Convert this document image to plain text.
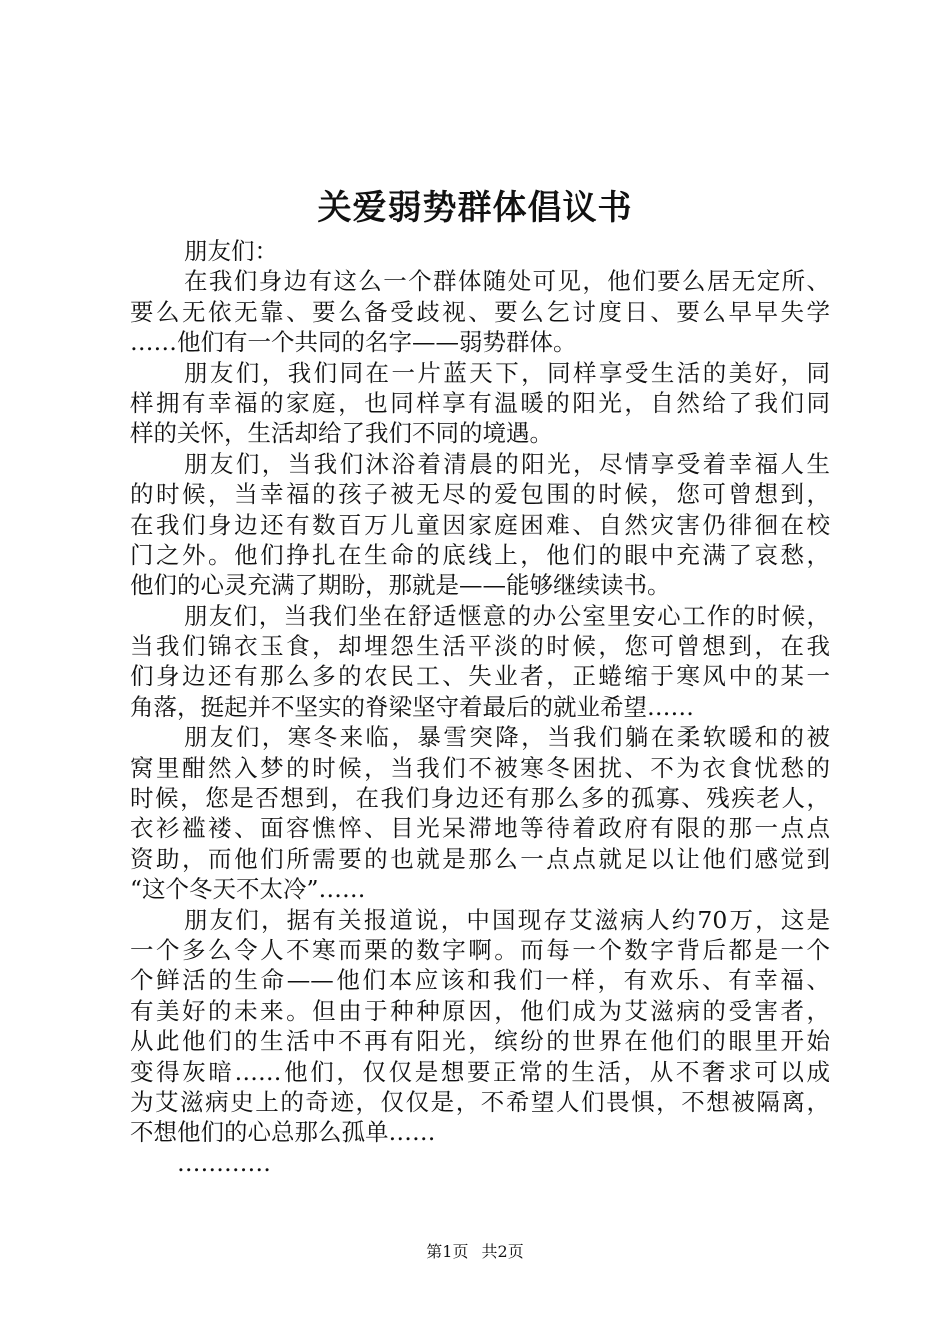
关爱弱势群体倡议书
朋友们：
在我们身边有这么一个群体随处可见，他们要么居无定所、
要么无依无靠、要么备受歧视、要么乞讨度日、要么早早失学
……他们有一个共同的名字——弱势群体。
朋友们，我们同在一片蓝天下，同样享受生活的美好，同
样拥有幸福的家庭，也同样享有温暖的阳光，自然给了我们同
样的关怀，生活却给了我们不同的境遇。
朋友们，当我们沐浴着清晨的阳光，尽情享受着幸福人生
的时候，当幸福的孩子被无尽的爱包围的时候，您可曾想到，
在我们身边还有数百万儿童因家庭困难、自然灾害仍徘徊在校
门之外。他们挣扎在生命的底线上，他们的眼中充满了哀愁，
他们的心灵充满了期盼，那就是——能够继续读书。
朋友们，当我们坐在舒适惬意的办公室里安心工作的时候，
当我们锦衣玉食，却埋怨生活平淡的时候，您可曾想到，在我
们身边还有那么多的农民工、失业者，正蜷缩于寒风中的某一
角落，挺起并不坚实的脊梁坚守着最后的就业希望……
朋友们，寒冬来临，暴雪突降，当我们躺在柔软暖和的被
窝里酣然入梦的时候，当我们不被寒冬困扰、不为衣食忧愁的
时候，您是否想到，在我们身边还有那么多的孤寡、残疾老人，
衣衫褴褛、面容憔悴、目光呆滞地等待着政府有限的那一点点
资助，而他们所需要的也就是那么一点点就足以让他们感觉到
“这个冬天不太冷”……
朋友们，据有关报道说，中国现存艾滋病人约70万，这是
一个多么令人不寒而栗的数字啊。而每一个数字背后都是一个
个鲜活的生命——他们本应该和我们一样，有欢乐、有幸福、
有美好的未来。但由于种种原因，他们成为艾滋病的受害者，
从此他们的生活中不再有阳光，缤纷的世界在他们的眼里开始
变得灰暗……他们，仅仅是想要正常的生活，从不奢求可以成
为艾滋病史上的奇迹，仅仅是，不希望人们畏惧，不想被隔离，
不想他们的心总那么孤单……
…………
第1页 共2页
